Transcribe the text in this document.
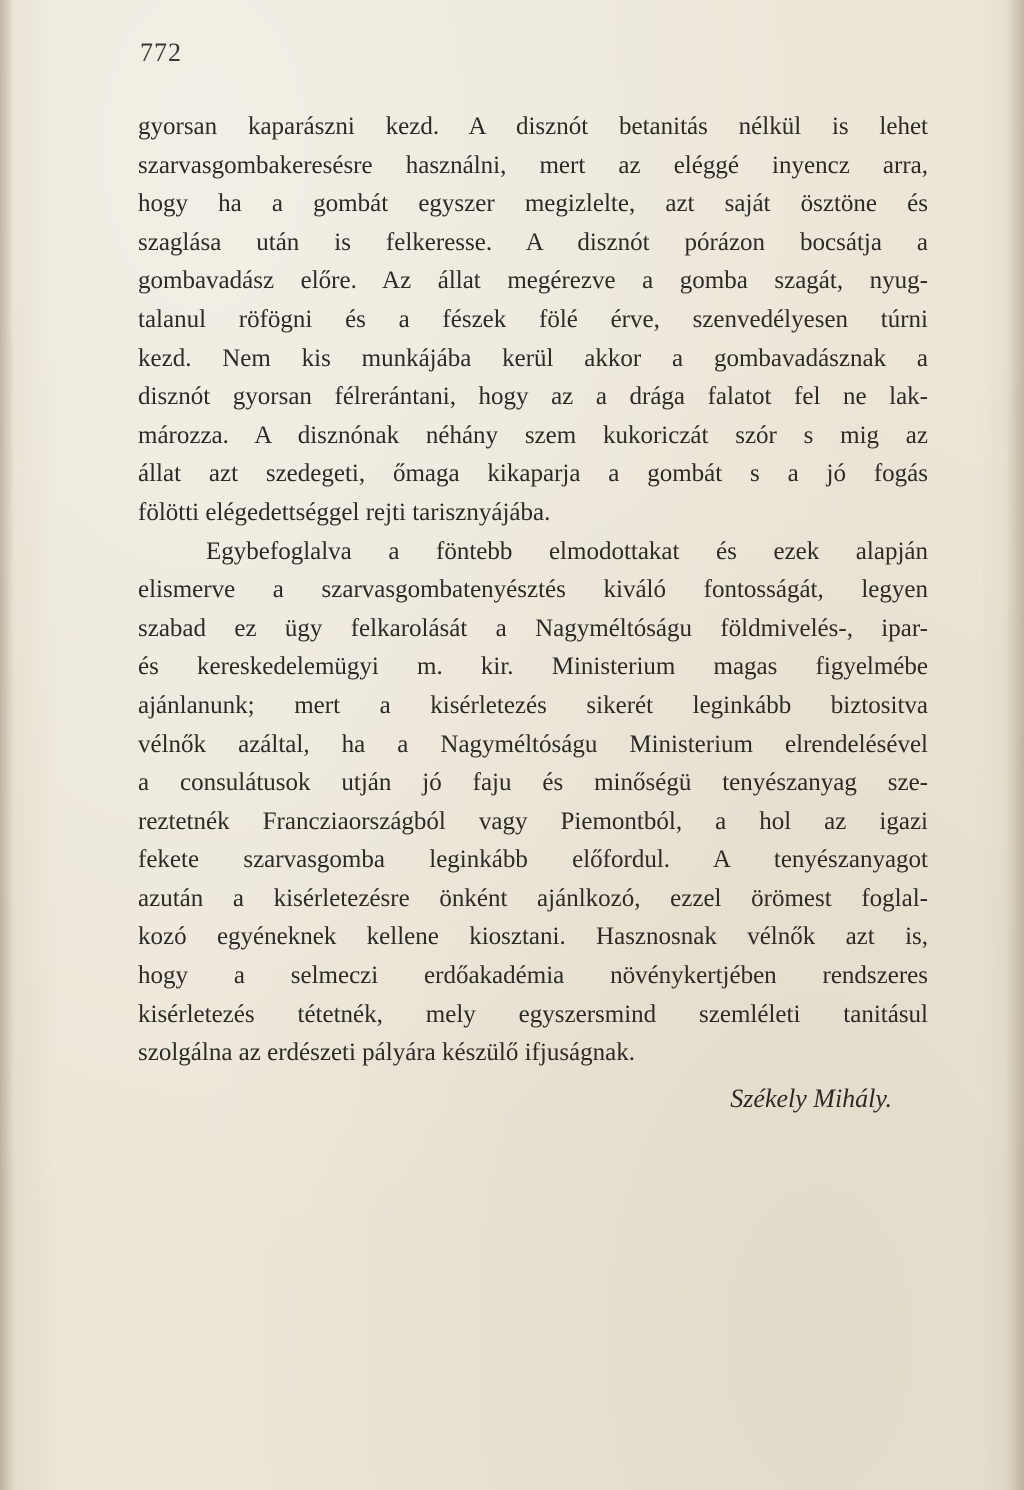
772
gyorsan kaparászni kezd. A disznót betanitás nélkül is lehet
szarvasgombakeresésre használni, mert az eléggé inyencz arra,
hogy ha a gombát egyszer megizlelte, azt saját ösztöne és
szaglása után is felkeresse. A disznót pórázon bocsátja a
gombavadász előre. Az állat megérezve a gomba szagát, nyug-
talanul röfögni és a fészek fölé érve, szenvedélyesen túrni
kezd. Nem kis munkájába kerül akkor a gombavadásznak a
disznót gyorsan félrerántani, hogy az a drága falatot fel ne lak-
mározza. A disznónak néhány szem kukoriczát szór s mig az
állat azt szedegeti, őmaga kikaparja a gombát s a jó fogás
fölötti elégedettséggel rejti tarisznyájába.
Egybefoglalva a föntebb elmodottakat és ezek alapján
elismerve a szarvasgombatenyésztés kiváló fontosságát, legyen
szabad ez ügy felkarolását a Nagyméltóságu földmivelés-, ipar-
és kereskedelemügyi m. kir. Ministerium magas figyelmébe
ajánlanunk; mert a kisérletezés sikerét leginkább biztositva
vélnők azáltal, ha a Nagyméltóságu Ministerium elrendelésével
a consulátusok utján jó faju és minőségü tenyészanyag sze-
reztetnék Francziaországból vagy Piemontból, a hol az igazi
fekete szarvasgomba leginkább előfordul. A tenyészanyagot
azután a kisérletezésre önként ajánlkozó, ezzel örömest foglal-
kozó egyéneknek kellene kiosztani. Hasznosnak vélnők azt is,
hogy a selmeczi erdőakadémia növénykertjében rendszeres
kisérletezés tétetnék, mely egyszersmind szemléleti tanitásul
szolgálna az erdészeti pályára készülő ifjuságnak.
Székely Mihály.
